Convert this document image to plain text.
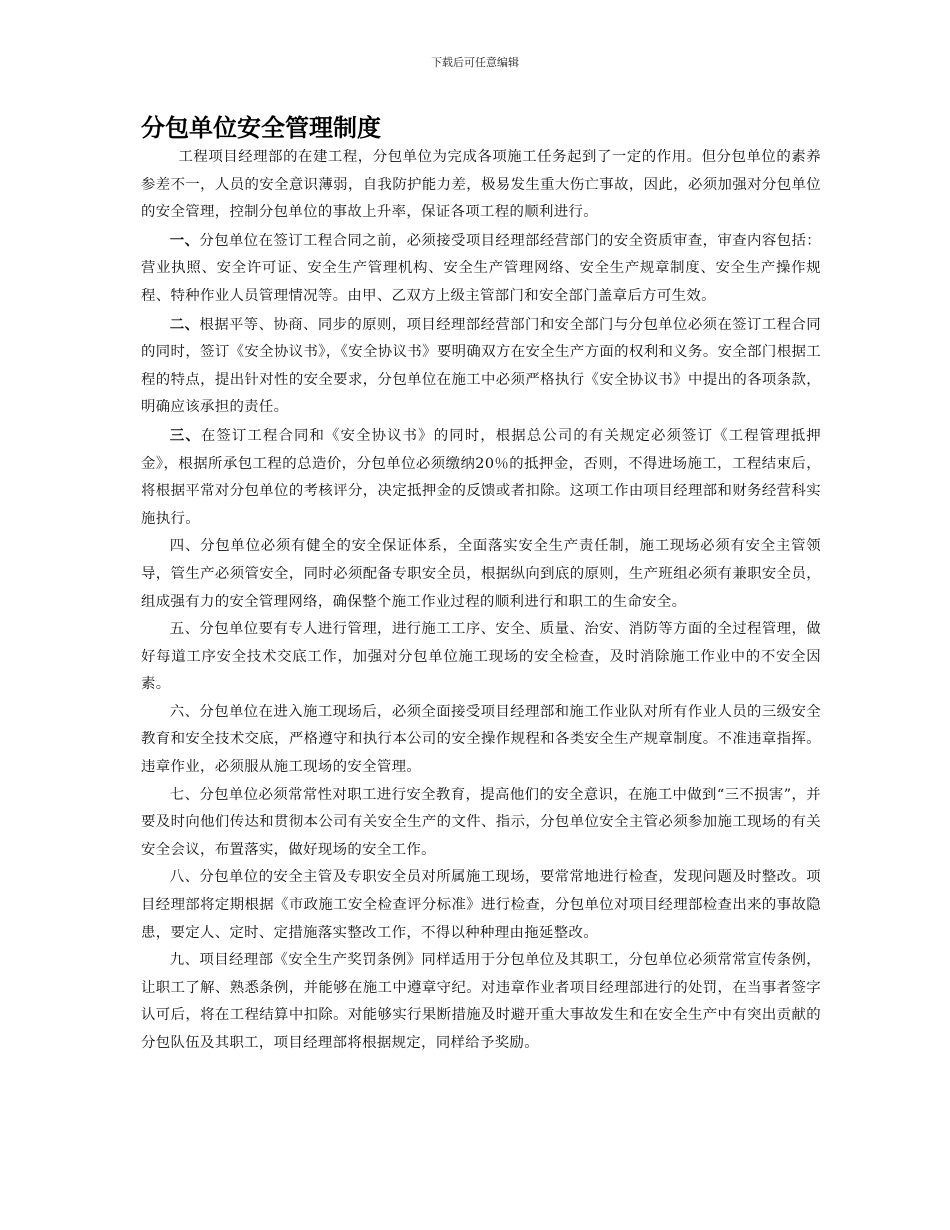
下载后可任意编辑
分包单位安全管理制度

工程项目经理部的在建工程，分包单位为完成各项施工任务起到了一定的作用。但分包单位的素养参差不一，人员的安全意识薄弱，自我防护能力差，极易发生重大伤亡事故，因此，必须加强对分包单位的安全管理，控制分包单位的事故上升率，保证各项工程的顺利进行。

一、分包单位在签订工程合同之前，必须接受项目经理部经营部门的安全资质审查，审查内容包括：营业执照、安全许可证、安全生产管理机构、安全生产管理网络、安全生产规章制度、安全生产操作规程、特种作业人员管理情况等。由甲、乙双方上级主管部门和安全部门盖章后方可生效。

二、根据平等、协商、同步的原则，项目经理部经营部门和安全部门与分包单位必须在签订工程合同的同时，签订《安全协议书》，《安全协议书》要明确双方在安全生产方面的权利和义务。安全部门根据工程的特点，提出针对性的安全要求，分包单位在施工中必须严格执行《安全协议书》中提出的各项条款，明确应该承担的责任。

三、在签订工程合同和《安全协议书》的同时，根据总公司的有关规定必须签订《工程管理抵押金》，根据所承包工程的总造价，分包单位必须缴纳20％的抵押金，否则，不得进场施工，工程结束后，将根据平常对分包单位的考核评分，决定抵押金的反馈或者扣除。这项工作由项目经理部和财务经营科实施执行。

四、分包单位必须有健全的安全保证体系，全面落实安全生产责任制，施工现场必须有安全主管领导，管生产必须管安全，同时必须配备专职安全员，根据纵向到底的原则，生产班组必须有兼职安全员，组成强有力的安全管理网络，确保整个施工作业过程的顺利进行和职工的生命安全。

五、分包单位要有专人进行管理，进行施工工序、安全、质量、治安、消防等方面的全过程管理，做好每道工序安全技术交底工作，加强对分包单位施工现场的安全检查，及时消除施工作业中的不安全因素。

六、分包单位在进入施工现场后，必须全面接受项目经理部和施工作业队对所有作业人员的三级安全教育和安全技术交底，严格遵守和执行本公司的安全操作规程和各类安全生产规章制度。不准违章指挥。违章作业，必须服从施工现场的安全管理。

七、分包单位必须常常性对职工进行安全教育，提高他们的安全意识，在施工中做到“三不损害”，并要及时向他们传达和贯彻本公司有关安全生产的文件、指示，分包单位安全主管必须参加施工现场的有关安全会议，布置落实，做好现场的安全工作。

八、分包单位的安全主管及专职安全员对所属施工现场，要常常地进行检查，发现问题及时整改。项目经理部将定期根据《市政施工安全检查评分标准》进行检查，分包单位对项目经理部检查出来的事故隐患，要定人、定时、定措施落实整改工作，不得以种种理由拖延整改。

九、项目经理部《安全生产奖罚条例》同样适用于分包单位及其职工，分包单位必须常常宣传条例，让职工了解、熟悉条例，并能够在施工中遵章守纪。对违章作业者项目经理部进行的处罚，在当事者签字认可后，将在工程结算中扣除。对能够实行果断措施及时避开重大事故发生和在安全生产中有突出贡献的分包队伍及其职工，项目经理部将根据规定，同样给予奖励。
